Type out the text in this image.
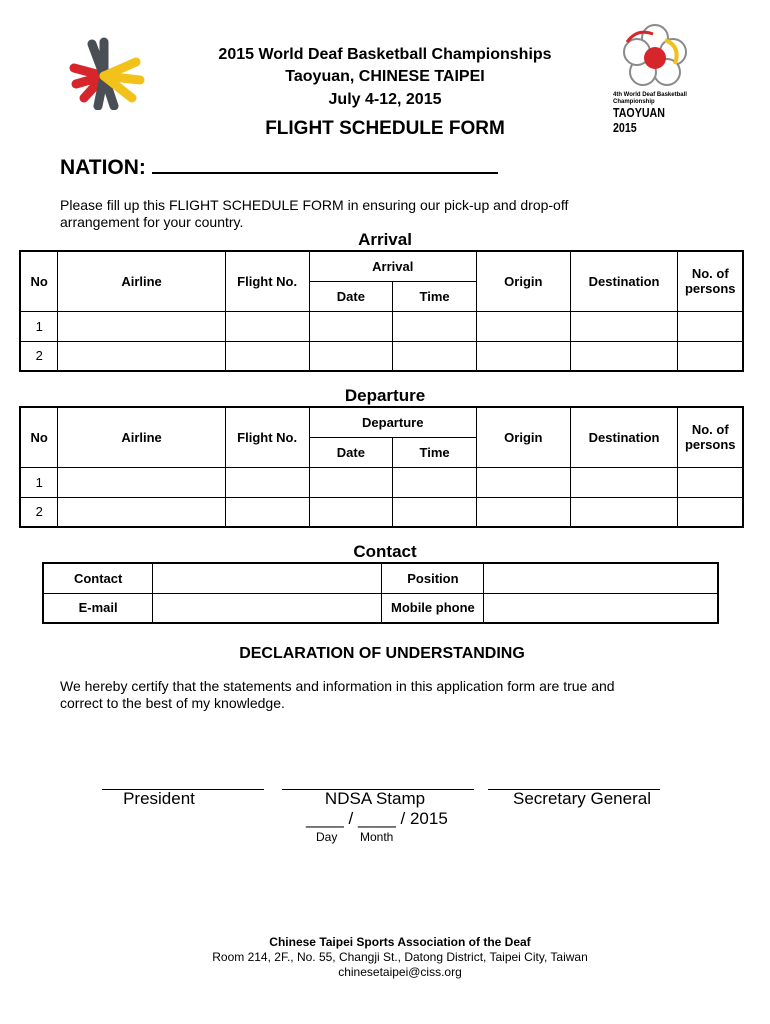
2015 World Deaf Basketball Championships
Taoyuan, CHINESE TAIPEI
July 4-12, 2015	4th World Deaf Basketball Championship
TAOYUAN 2015
FLIGHT SCHEDULE FORM
NATION:
Please fill up this FLIGHT SCHEDULE FORM in ensuring our pick-up and drop-off
arrangement for your country.
Arrival
No	Airline	Flight No.	Arrival		Origin	Destination	No. of
persons
			Date	Time			
1							
2							
Departure
No	Airline	Flight No.	Departure		Origin	Destination	No. of
persons
			Date	Time			
1							
2							
Contact
Contact		Position	
E-mail		Mobile phone	
DECLARATION OF UNDERSTANDING
We hereby certify that the statements and information in this application form are true and
correct to the best of my knowledge.
President	NDSA Stamp	Secretary General
____ / ____ / 2015
Day Month
Chinese Taipei Sports Association of the Deaf
Room 214, 2F., No. 55, Changji St., Datong District, Taipei City, Taiwan
chinesetaipei@ciss.org
